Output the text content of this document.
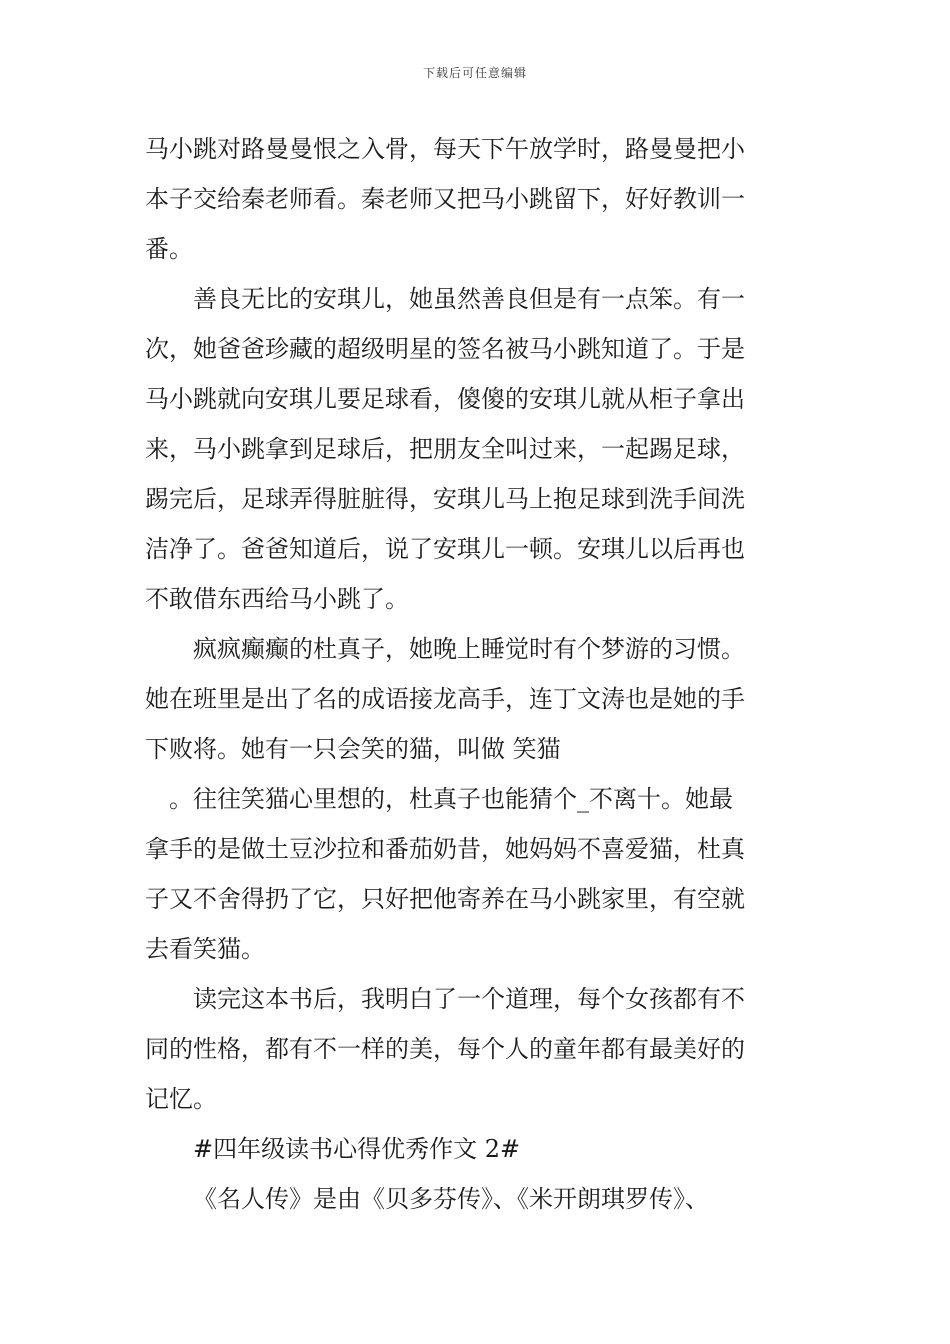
下载后可任意编辑
马小跳对路曼曼恨之入骨，每天下午放学时，路曼曼把小
本子交给秦老师看。秦老师又把马小跳留下，好好教训一
番。
善良无比的安琪儿，她虽然善良但是有一点笨。有一
次，她爸爸珍藏的超级明星的签名被马小跳知道了。于是
马小跳就向安琪儿要足球看，傻傻的安琪儿就从柜子拿出
来，马小跳拿到足球后，把朋友全叫过来，一起踢足球，
踢完后，足球弄得脏脏得，安琪儿马上抱足球到洗手间洗
洁净了。爸爸知道后，说了安琪儿一顿。安琪儿以后再也
不敢借东西给马小跳了。
疯疯癫癫的杜真子，她晚上睡觉时有个梦游的习惯。
她在班里是出了名的成语接龙高手，连丁文涛也是她的手
下败将。她有一只会笑的猫，叫做 笑猫
。往往笑猫心里想的，杜真子也能猜个_不离十。她最
拿手的是做土豆沙拉和番茄奶昔，她妈妈不喜爱猫，杜真
子又不舍得扔了它，只好把他寄养在马小跳家里，有空就
去看笑猫。
读完这本书后，我明白了一个道理，每个女孩都有不
同的性格，都有不一样的美，每个人的童年都有最美好的
记忆。
#四年级读书心得优秀作文 2#
《名人传》是由《贝多芬传》、《米开朗琪罗传》、
